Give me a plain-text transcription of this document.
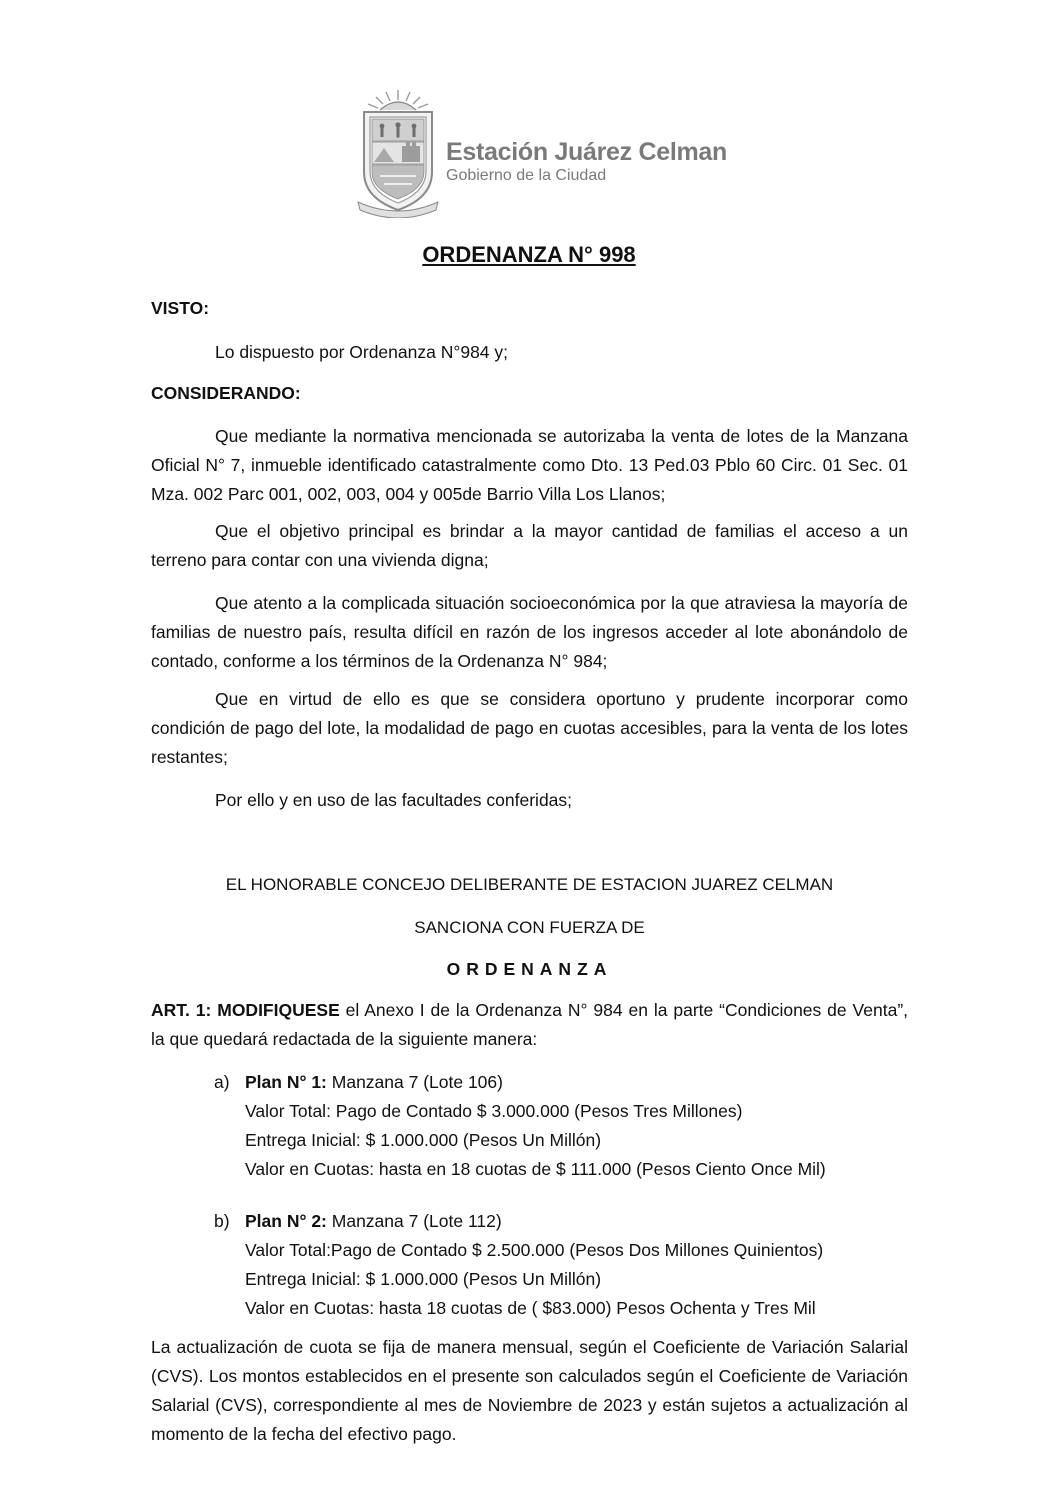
Estación Juárez Celman
Gobierno de la Ciudad
ORDENANZA N° 998
VISTO:
Lo dispuesto por Ordenanza N°984 y;
CONSIDERANDO:
Que mediante la normativa mencionada se autorizaba la venta de lotes de la Manzana Oficial N° 7, inmueble identificado catastralmente como Dto. 13 Ped.03 Pblo 60 Circ. 01 Sec. 01 Mza. 002 Parc 001, 002, 003, 004 y 005de Barrio Villa Los Llanos;
Que el objetivo principal es brindar a la mayor cantidad de familias el acceso a un terreno para contar con una vivienda digna;
Que atento a la complicada situación socioeconómica por la que atraviesa la mayoría de familias de nuestro país, resulta difícil en razón de los ingresos acceder al lote abonándolo de contado, conforme a los términos de la Ordenanza N° 984;
Que en virtud de ello es que se considera oportuno y prudente incorporar como condición de pago del lote, la modalidad de pago en cuotas accesibles, para la venta de los lotes restantes;
Por ello y en uso de las facultades conferidas;
EL HONORABLE CONCEJO DELIBERANTE DE ESTACION JUAREZ CELMAN
SANCIONA CON FUERZA DE
ORDENANZA
ART. 1: MODIFIQUESE el Anexo I de la Ordenanza N° 984 en la parte “Condiciones de Venta”, la que quedará redactada de la siguiente manera:
a) Plan N° 1: Manzana 7 (Lote 106)
Valor Total: Pago de Contado $ 3.000.000 (Pesos Tres Millones)
Entrega Inicial: $ 1.000.000 (Pesos Un Millón)
Valor en Cuotas: hasta en 18 cuotas de $ 111.000 (Pesos Ciento Once Mil)
b) Plan N° 2: Manzana 7 (Lote 112)
Valor Total:Pago de Contado $ 2.500.000 (Pesos Dos Millones Quinientos)
Entrega Inicial: $ 1.000.000 (Pesos Un Millón)
Valor en Cuotas: hasta 18 cuotas de ( $83.000) Pesos Ochenta y Tres Mil
La actualización de cuota se fija de manera mensual, según el Coeficiente de Variación Salarial (CVS). Los montos establecidos en el presente son calculados según el Coeficiente de Variación Salarial (CVS), correspondiente al mes de Noviembre de 2023 y están sujetos a actualización al momento de la fecha del efectivo pago.
